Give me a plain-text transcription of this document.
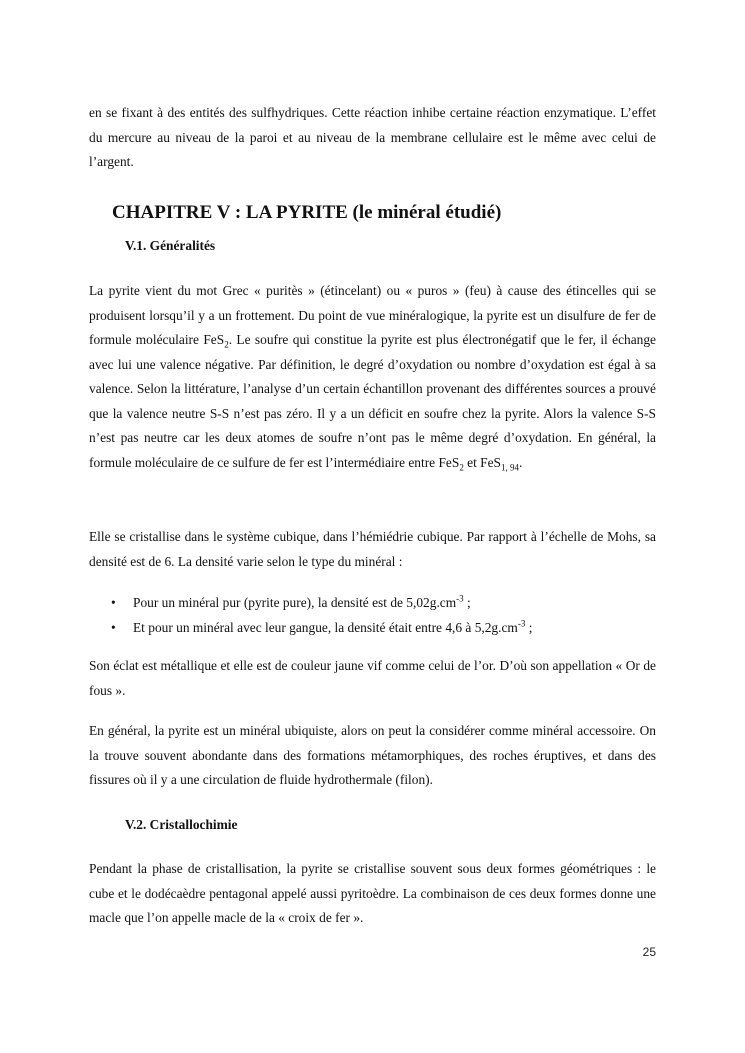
en se fixant à des entités des sulfhydriques. Cette réaction inhibe certaine réaction enzymatique. L’effet du mercure au niveau de la paroi et au niveau de la membrane cellulaire est le même avec celui de l’argent.

CHAPITRE V : LA PYRITE (le minéral étudié)
V.1. Généralités

La pyrite vient du mot Grec « puritès » (étincelant) ou « puros » (feu) à cause des étincelles qui se produisent lorsqu’il y a un frottement. Du point de vue minéralogique, la pyrite est un disulfure de fer de formule moléculaire FeS$_2$. Le soufre qui constitue la pyrite est plus électronégatif que le fer, il échange avec lui une valence négative. Par définition, le degré d’oxydation ou nombre d’oxydation est égal à sa valence. Selon la littérature, l’analyse d’un certain échantillon provenant des différentes sources a prouvé que la valence neutre S-S n’est pas zéro. Il y a un déficit en soufre chez la pyrite. Alors la valence S-S n’est pas neutre car les deux atomes de soufre n’ont pas le même degré d’oxydation. En général, la formule moléculaire de ce sulfure de fer est l’intermédiaire entre FeS$_2$ et FeS$_{1, 94}$.

Elle se cristallise dans le système cubique, dans l’hémiédrie cubique. Par rapport à l’échelle de Mohs, sa densité est de 6. La densité varie selon le type du minéral :

• Pour un minéral pur (pyrite pure), la densité est de $5,02g.cm^{-3}$ ;
• Et pour un minéral avec leur gangue, la densité était entre 4,6 à $5,2g.cm^{-3}$ ;

Son éclat est métallique et elle est de couleur jaune vif comme celui de l’or. D’où son appellation « Or de fous ».

En général, la pyrite est un minéral ubiquiste, alors on peut la considérer comme minéral accessoire. On la trouve souvent abondante dans des formations métamorphiques, des roches éruptives, et dans des fissures où il y a une circulation de fluide hydrothermale (filon).

V.2. Cristallochimie

Pendant la phase de cristallisation, la pyrite se cristallise souvent sous deux formes géométriques : le cube et le dodécaèdre pentagonal appelé aussi pyritoèdre. La combinaison de ces deux formes donne une macle que l’on appelle macle de la « croix de fer ».

25
